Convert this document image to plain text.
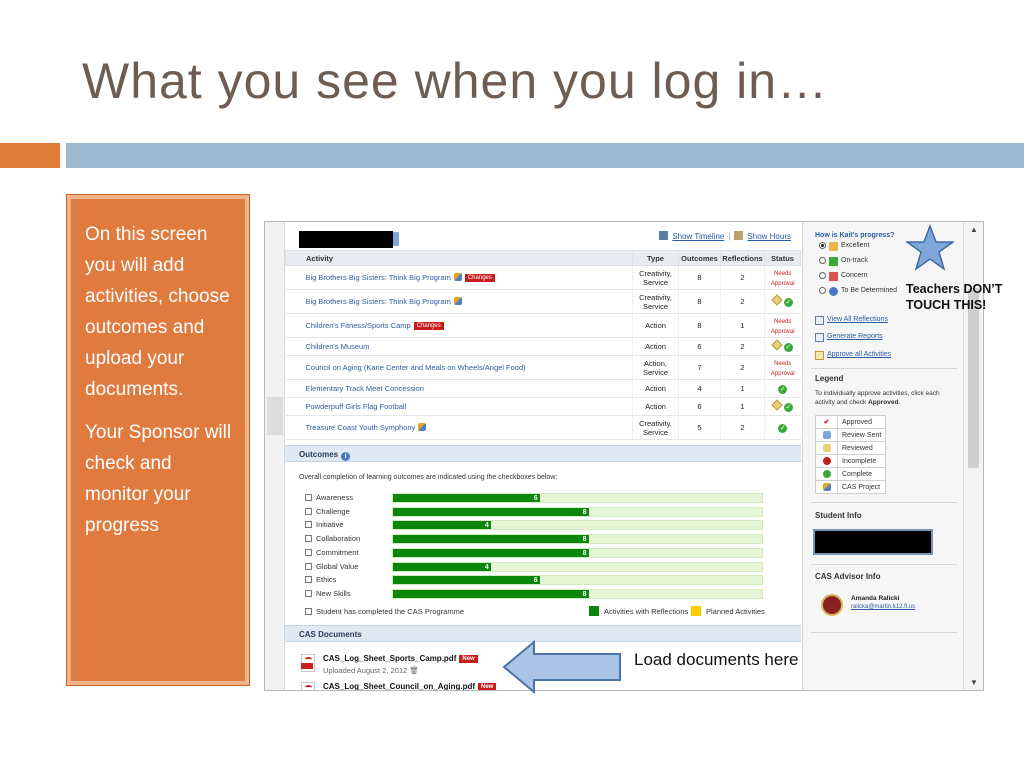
What you see when you log in…

On this screen you will add activities, choose outcomes and upload your documents.

Your Sponsor will check and monitor your progress

Show Timeline | Show Hours
Activity	Type	Outcomes	Reflections	Status
Big Brothers Big Sisters: Think Big Program Changes	Creativity, Service	8	2	Needs Approval
Big Brothers Big Sisters: Think Big Program	Creativity, Service	8	2	✓
Children's Fitness/Sports Camp Changes	Action	8	1	Needs Approval
Children's Museum	Action	6	2	✓
Council on Aging (Kane Center and Meals on Wheels/Angel Food)	Action, Service	7	2	Needs Approval
Elementary Track Meet Concession	Action	4	1	✓
Powderpuff Girls Flag Football	Action	6	1	✓
Treasure Coast Youth Symphony	Creativity, Service	5	2	✓
Outcomes i
Overall completion of learning outcomes are indicated using the checkboxes below:
Awareness	6
Challenge	8
Initiative	4
Collaboration	8
Commitment	8
Global Value	4
Ethics	6
New Skills	8
Student has completed the CAS Programme	Activities with Reflections Planned Activities
CAS Documents
CAS_Log_Sheet_Sports_Camp.pdf New
Uploaded August 2, 2012 🗑
CAS_Log_Sheet_Council_on_Aging.pdf New
How is Kait's progress?
Excellent
On-track
Concern
To Be Determined
View All Reflections
Generate Reports
Approve all Activities
Legend
To individually approve activities, click each activity and check Approved.
✔	Approved
	Review Sent
	Reviewed
	Incomplete
	Complete
	CAS Project
Student Info
CAS Advisor Info
Amanda Ralicki
ralicka@martin.k12.fl.us
▲
▼
Teachers DON’T TOUCH THIS!
Load documents here
